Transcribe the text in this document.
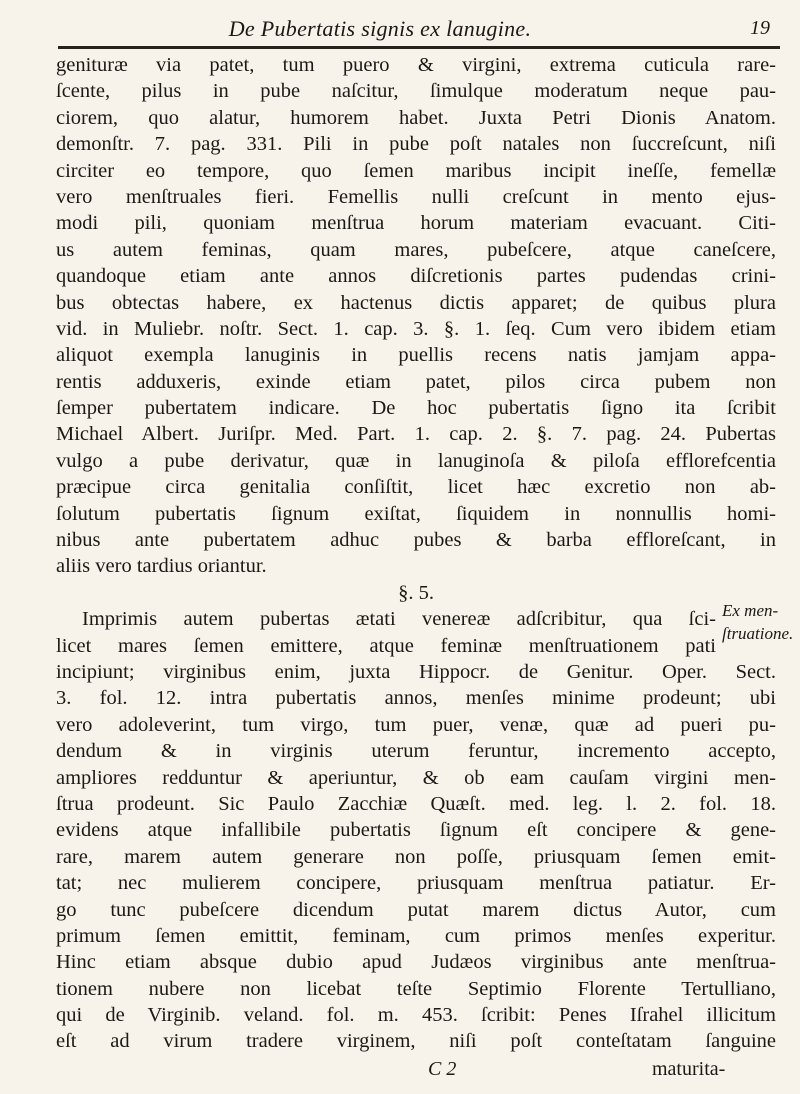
De Pubertatis signis ex lanugine.	19
genituræ via patet, tum puero & virgini, extrema cuticula rare-
ſcente, pilus in pube naſcitur, ſimulque moderatum neque pau-
ciorem, quo alatur, humorem habet. Juxta Petri Dionis Anatom.
demonſtr. 7. pag. 331. Pili in pube poſt natales non ſuccreſcunt, niſi
circiter eo tempore, quo ſemen maribus incipit ineſſe, femellæ
vero menſtruales fieri. Femellis nulli creſcunt in mento ejus-
modi pili, quoniam menſtrua horum materiam evacuant. Citi-
us autem feminas, quam mares, pubeſcere, atque caneſcere,
quandoque etiam ante annos diſcretionis partes pudendas crini-
bus obtectas habere, ex hactenus dictis apparet; de quibus plura
vid. in Muliebr. noſtr. Sect. 1. cap. 3. §. 1. ſeq. Cum vero ibidem etiam
aliquot exempla lanuginis in puellis recens natis jamjam appa-
rentis adduxeris, exinde etiam patet, pilos circa pubem non
ſemper pubertatem indicare. De hoc pubertatis ſigno ita ſcribit
Michael Albert. Juriſpr. Med. Part. 1. cap. 2. §. 7. pag. 24. Pubertas
vulgo a pube derivatur, quæ in lanuginoſa & piloſa efflorefcentia
præcipue circa genitalia conſiſtit, licet hæc excretio non ab-
ſolutum pubertatis ſignum exiſtat, ſiquidem in nonnullis homi-
nibus ante pubertatem adhuc pubes & barba effloreſcant, in
aliis vero tardius oriantur.
§. 5.
Imprimis autem pubertas ætati venereæ adſcribitur, qua ſci-
licet mares ſemen emittere, atque feminæ menſtruationem pati
incipiunt; virginibus enim, juxta Hippocr. de Genitur. Oper. Sect.
3. fol. 12. intra pubertatis annos, menſes minime prodeunt; ubi
vero adoleverint, tum virgo, tum puer, venæ, quæ ad pueri pu-
dendum & in virginis uterum feruntur, incremento accepto,
ampliores redduntur & aperiuntur, & ob eam cauſam virgini men-
ſtrua prodeunt. Sic Paulo Zacchiæ Quæſt. med. leg. l. 2. fol. 18.
evidens atque infallibile pubertatis ſignum eſt concipere & gene-
rare, marem autem generare non poſſe, priusquam ſemen emit-
tat; nec mulierem concipere, priusquam menſtrua patiatur. Er-
go tunc pubeſcere dicendum putat marem dictus Autor, cum
primum ſemen emittit, feminam, cum primos menſes experitur.
Hinc etiam absque dubio apud Judæos virginibus ante menſtrua-
tionem nubere non licebat teſte Septimio Florente Tertulliano,
qui de Virginib. veland. fol. m. 453. ſcribit: Penes Iſrahel illicitum
eſt ad virum tradere virginem, niſi poſt conteſtatam ſanguine
Ex men-
ſtruatione.
C 2	maturita-
